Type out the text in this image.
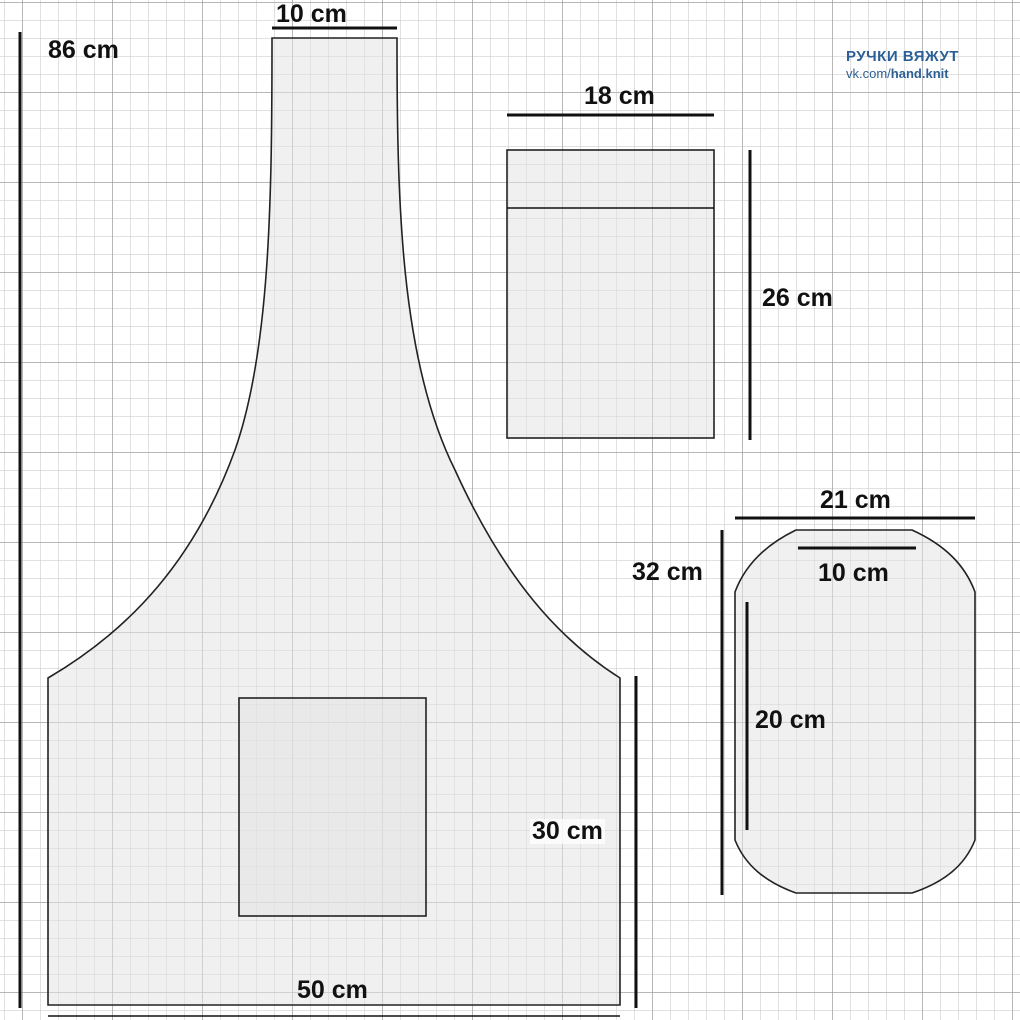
РУЧКИ ВЯЖУТ
vk.com/hand.knit
86 cm
10 cm
30 cm
50 cm
18 cm
26 cm
21 cm
32 cm	10 cm
20 cm
